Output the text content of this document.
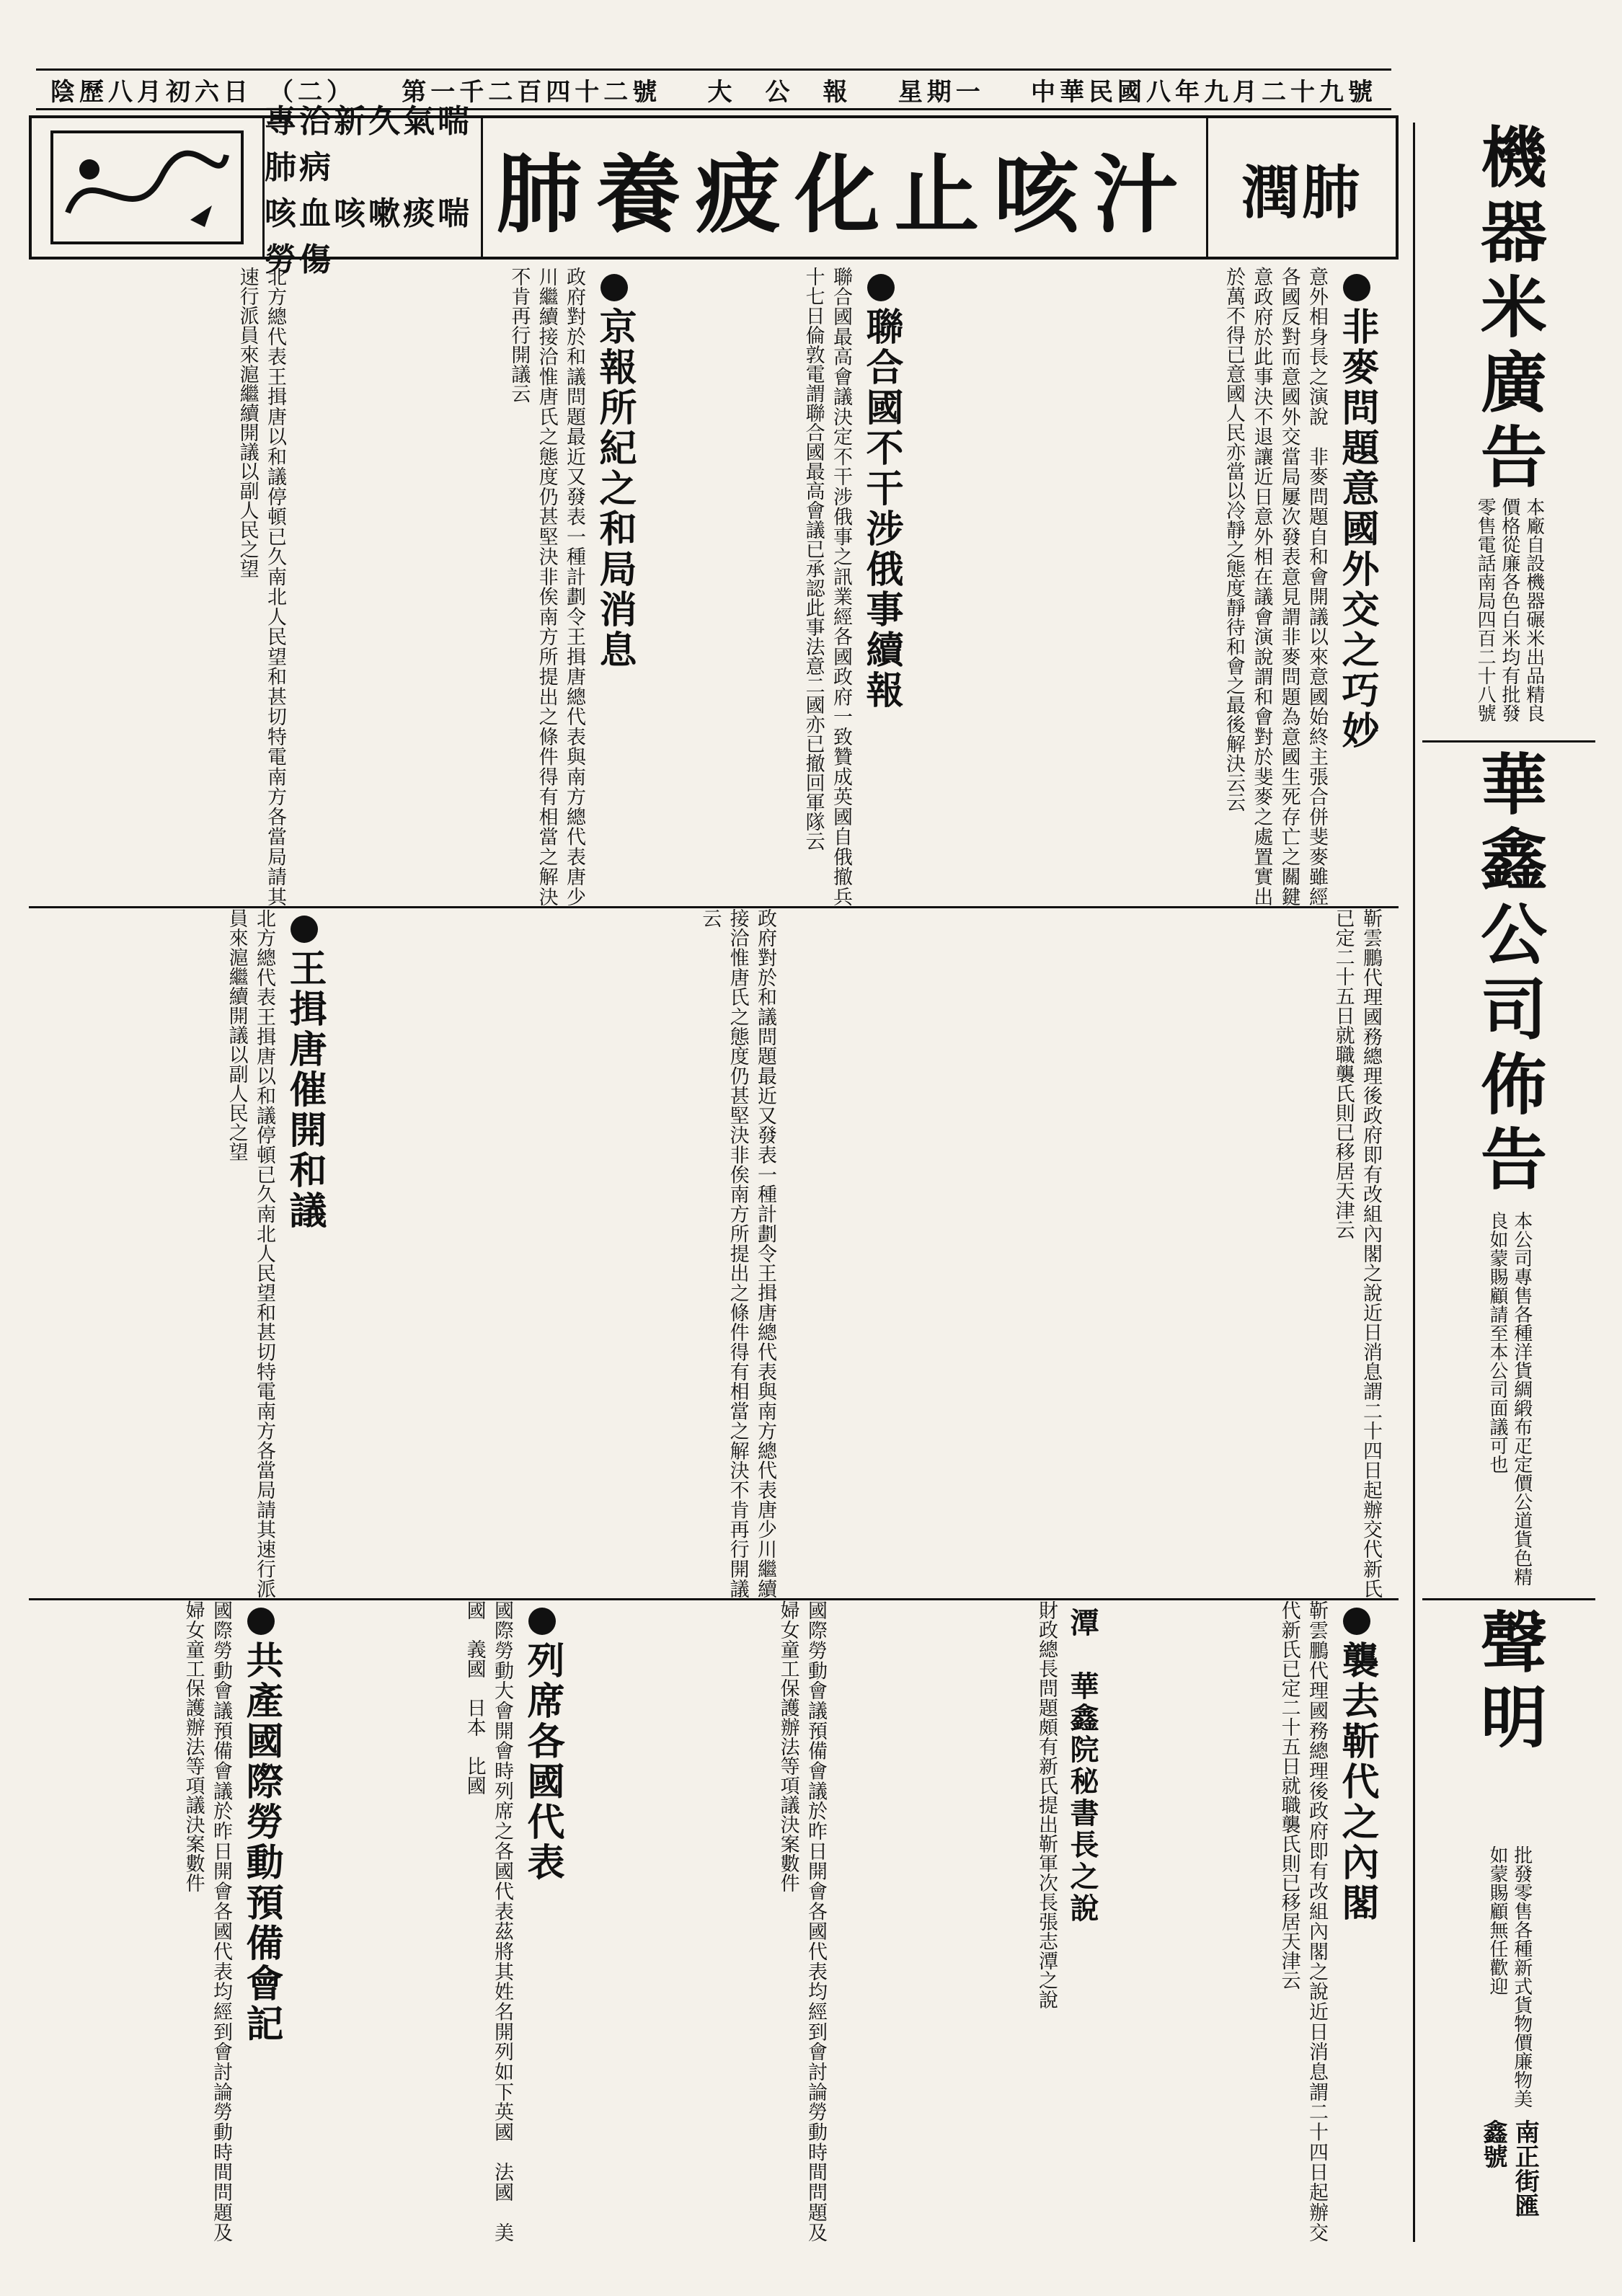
陰歷八月初六日　（二） 第一千二百四十二號 大　公　報 星期一 中華民國八年九月二十九號
專治新久氣喘肺病
咳血咳嗽痰喘勞傷
肺養疲化止咳汁 潤肺 機器米廣告
本廠自設機器碾米出品精良價格從廉各色白米均有批發零售電話南局四百二十八號
華鑫公司佈告
本公司專售各種洋貨綢緞布疋定價公道貨色精良如蒙賜顧請至本公司面議可也
聲明
批發零售各種新式貨物價廉物美如蒙賜顧無任歡迎
南正街匯鑫號
非麥問題意國外交之巧妙
意外相身長之演說　非麥問題自和會開議以來意國始終主張合併斐麥雖經各國反對而意國外交當局屢次發表意見謂非麥問題為意國生死存亡之關鍵意政府於此事決不退讓近日意外相在議會演說謂和會對於斐麥之處置實出於萬不得已意國人民亦當以冷靜之態度靜待和會之最後解決云云
聯合國不干涉俄事續報
聯合國最高會議決定不干涉俄事之訊業經各國政府一致贊成英國自俄撤兵十七日倫敦電謂聯合國最高會議已承認此事法意二國亦已撤回軍隊云
京報所紀之和局消息
政府對於和議問題最近又發表一種計劃令王揖唐總代表與南方總代表唐少川繼續接洽惟唐氏之態度仍甚堅決非俟南方所提出之條件得有相當之解決不肯再行開議云
北方總代表王揖唐以和議停頓已久南北人民望和甚切特電南方各當局請其速行派員來滬繼續開議以副人民之望
靳雲鵬代理國務總理後政府即有改組內閣之說近日消息謂二十四日起辦交代新氏已定二十五日就職襲氏則已移居天津云
政府對於和議問題最近又發表一種計劃令王揖唐總代表與南方總代表唐少川繼續接洽惟唐氏之態度仍甚堅決非俟南方所提出之條件得有相當之解決不肯再行開議云
王揖唐催開和議
北方總代表王揖唐以和議停頓已久南北人民望和甚切特電南方各當局請其速行派員來滬繼續開議以副人民之望
襲去靳代之內閣
靳雲鵬代理國務總理後政府即有改組內閣之說近日消息謂二十四日起辦交代新氏已定二十五日就職襲氏則已移居天津云
潭　華鑫院秘書長之說
財政總長問題頗有新氏提出靳軍次長張志潭之說
國際勞動會議預備會議於昨日開會各國代表均經到會討論勞動時間問題及婦女童工保護辦法等項議決案數件
列席各國代表
國際勞動大會開會時列席之各國代表茲將其姓名開列如下英國　法國　美國　義國　日本　比國
共產國際勞動預備會記
國際勞動會議預備會議於昨日開會各國代表均經到會討論勞動時間問題及婦女童工保護辦法等項議決案數件
